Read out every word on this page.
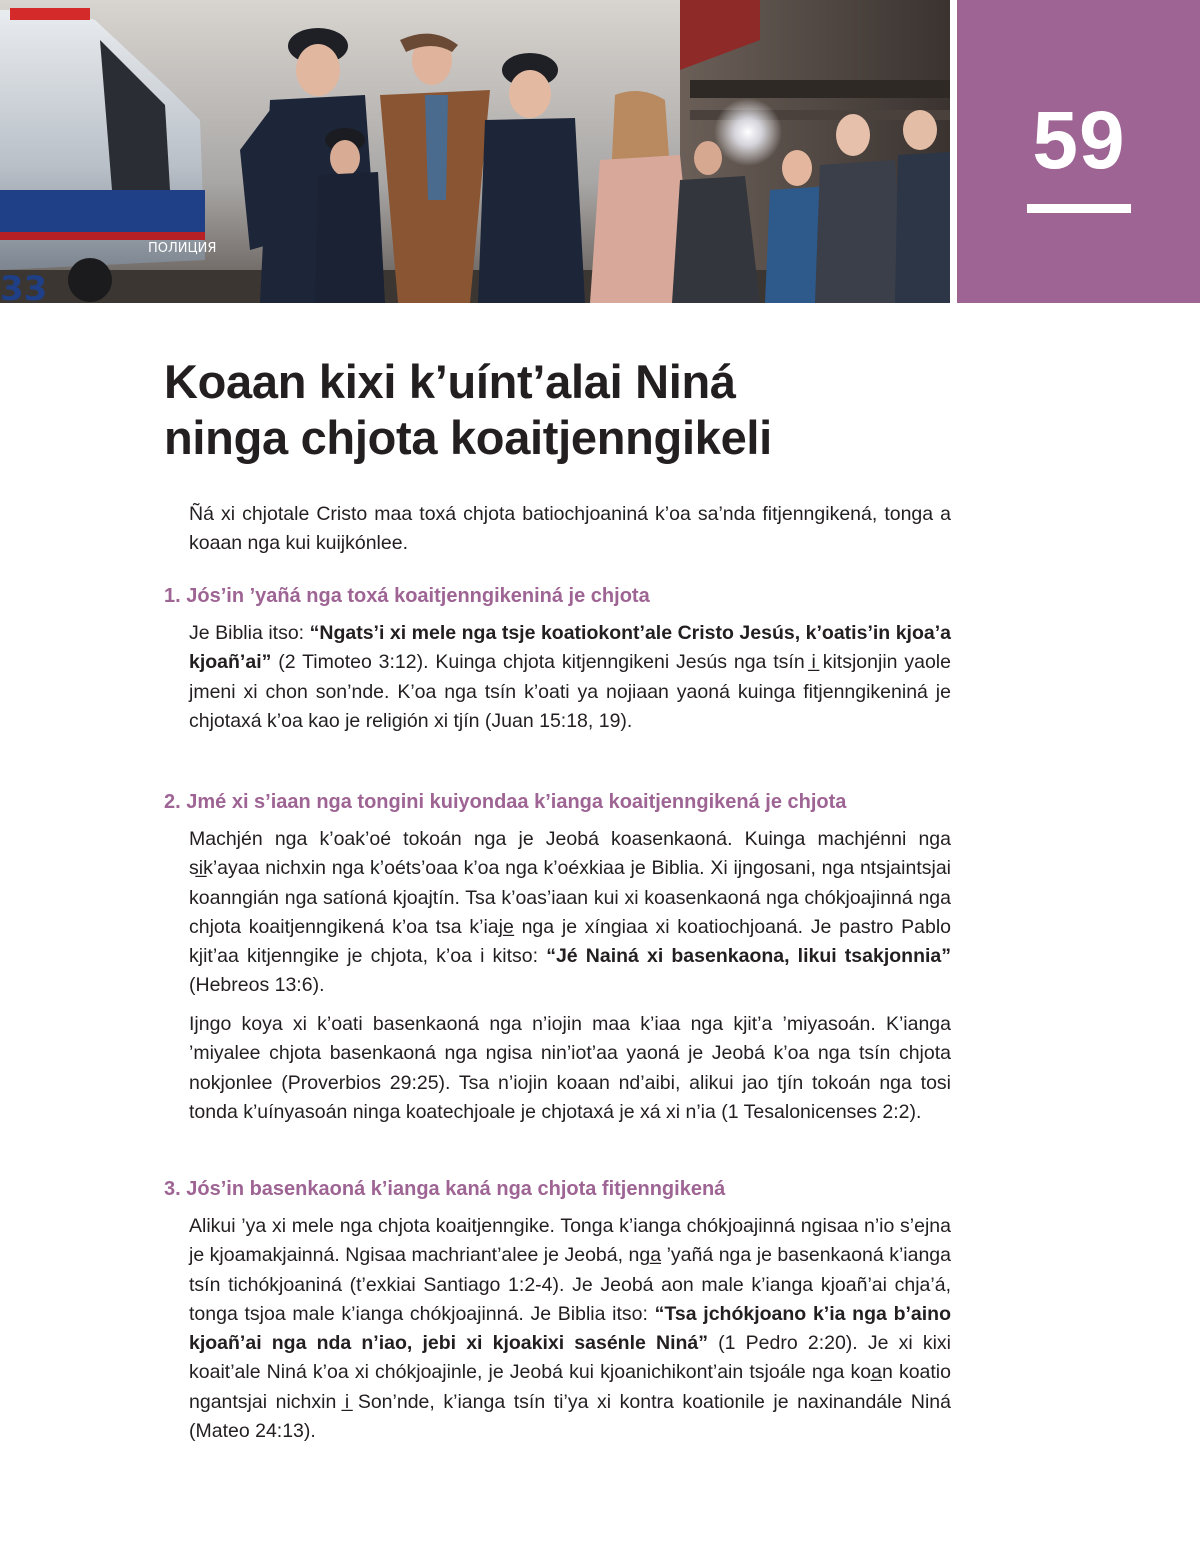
ПОЛИЦИЯ
33
59
Koaan kixi k’uínt’alai Niná
ninga chjota koaitjenngikeli

Ñá xi chjotale Cristo maa toxá chjota batiochjoaniná k’oa sa’nda fitjenngikená, tonga a koaan nga kui kuijkónlee.

1. Jós’in ’yañá nga toxá koaitjenngikeniná je chjota

Je Biblia itso: “Ngats’i xi mele nga tsje koatiokont’ale Cristo Jesús, k’oatis’in kjoa’a kjoañ’ai” (2 Timoteo 3:12). Kuinga chjota kitjenngikeni Jesús nga tsín i̲ kitsjonjin yaole jmeni xi chon son’nde. K’oa nga tsín k’oati ya nojiaan yaoná kuinga fitjenngikeniná je chjotaxá k’oa kao je religión xi tjín (Juan 15:18, 19).

2. Jmé xi s’iaan nga tongini kuiyondaa k’ianga koaitjenngikená je chjota

Machjén nga k’oak’oé tokoán nga je Jeobá koasenkaoná. Kuinga machjénni nga si̲k’ayaa nichxin nga k’oéts’oaa k’oa nga k’oéxkiaa je Biblia. Xi ijngosani, nga ntsjaintsjai koanngián nga satíoná kjoajtín. Tsa k’oas’iaan kui xi koasenkaoná nga chókjoajinná nga chjota koaitjenngikená k’oa tsa k’iaje̲ nga je xíngiaa xi koatiochjoaná. Je pastro Pablo kjit’aa kitjenngike je chjota, k’oa i kitso: “Jé Nainá xi basenkaona, likui tsakjonnia” (Hebreos 13:6).

Ijngo koya xi k’oati basenkaoná nga n’iojin maa k’iaa nga kjit’a ’miyasoán. K’ianga ’miyalee chjota basenkaoná nga ngisa nin’iot’aa yaoná je Jeobá k’oa nga tsín chjota nokjonlee (Proverbios 29:25). Tsa n’iojin koaan nd’aibi, alikui jao tjín tokoán nga tosi tonda k’uínyasoán ninga koatechjoale je chjotaxá je xá xi n’ia (1 Tesalonicenses 2:2).

3. Jós’in basenkaoná k’ianga kaná nga chjota fitjenngikená

Alikui ’ya xi mele nga chjota koaitjenngike. Tonga k’ianga chókjoajinná ngisaa n’io s’ejna je kjoamakjainná. Ngisaa machriant’alee je Jeobá, nga̲ ’yañá nga je basenkaoná k’ianga tsín tichókjoaniná (t’exkiai Santiago 1:2-4). Je Jeobá aon male k’ianga kjoañ’ai chja’á, tonga tsjoa male k’ianga chókjoajinná. Je Biblia itso: “Tsa jchókjoano k’ia nga b’aino kjoañ’ai nga nda n’iao, jebi xi kjoakixi sasénle Niná” (1 Pedro 2:20). Je xi kixi koait’ale Niná k’oa xi chókjoajinle, je Jeobá kui kjoanichikont’ain tsjoále nga koa̲n koatio ngantsjai nichxin i̲ Son’nde, k’ianga tsín ti’ya xi kontra koationile je naxinandále Niná (Mateo 24:13).
